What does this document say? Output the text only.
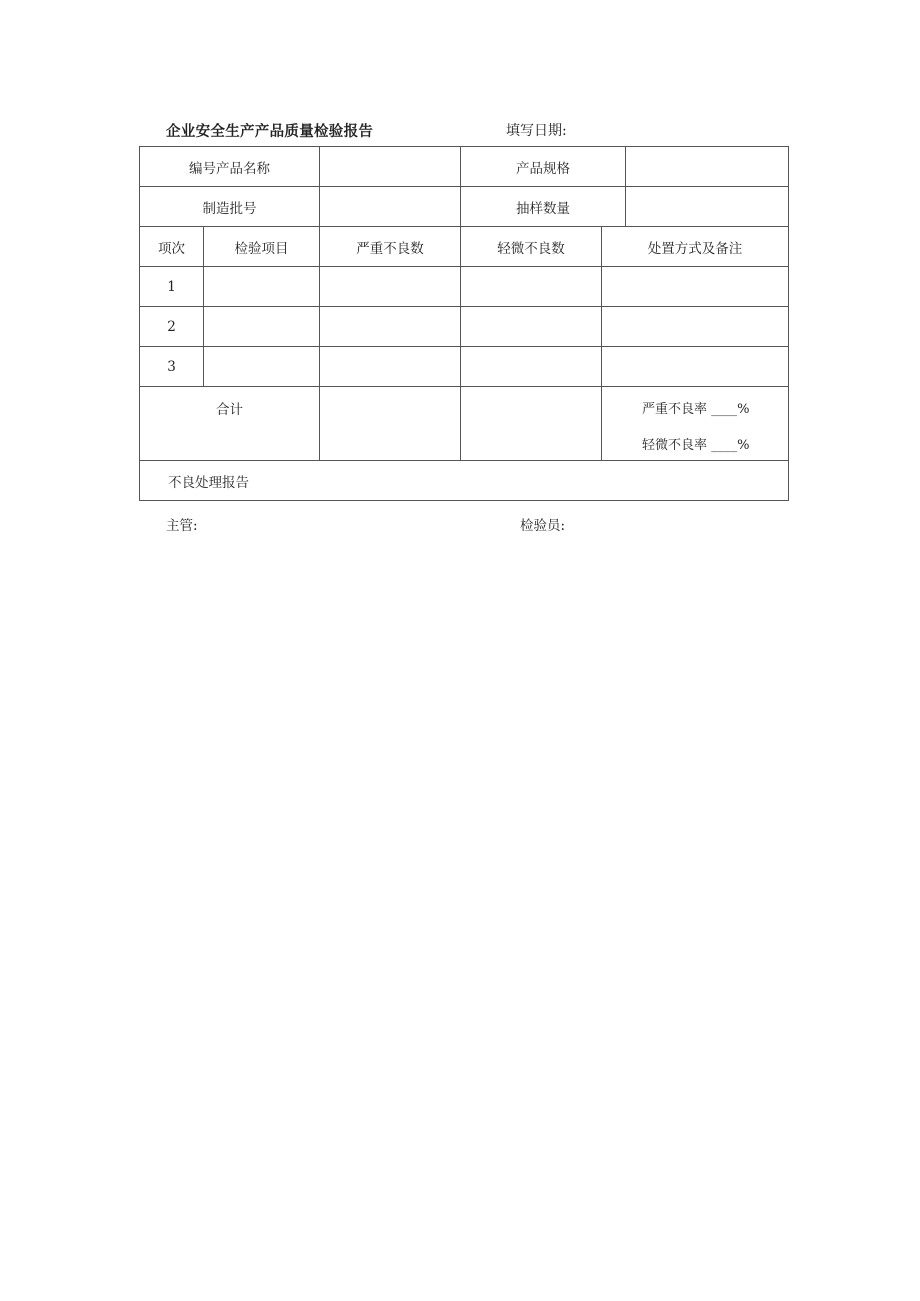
企业安全生产产品质量检验报告	填写日期:
编号产品名称			产品规格		
制造批号			抽样数量		
项次	检验项目	严重不良数	轻微不良数	处置方式及备注	
1					
2					
3					
合计				严重不良率 ____%
轻微不良率 ____%	

不良处理报告					
主管:	检验员:
